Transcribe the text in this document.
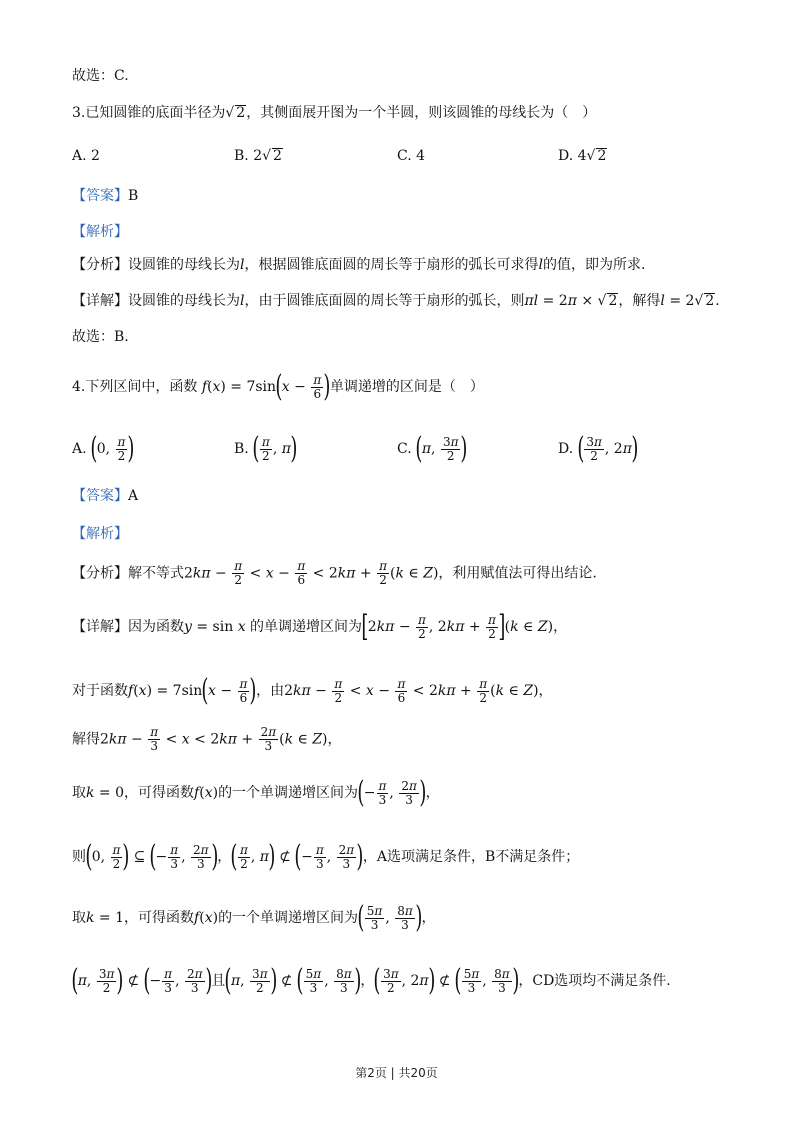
故选：C.
3.已知圆锥的底面半径为√ 2，其侧面展开图为一个半圆，则该圆锥的母线长为（　）
A. 2	B. 2√ 2	C. 4	D. 4√ 2
【答案】B
【解析】
【分析】设圆锥的母线长为l，根据圆锥底面圆的周长等于扇形的弧长可求得l的值，即为所求.
【详解】设圆锥的母线长为l，由于圆锥底面圆的周长等于扇形的弧长，则πl = 2π × √ 2，解得l = 2√ 2.
故选：B.
4.下列区间中，函数 $f(x) = 7\sin(x - \frac{\pi}{6}$ )单调递增的区间是（　）
A. (0, $\frac{\pi}{2}$ )	B. ( $\frac{\pi}{2}$ , π)	C. (π, $\frac{3\pi}{2}$ )	D. ( $\frac{3\pi}{2}$ , 2π)
【答案】A
【解析】
【分析】解不等式$2k\pi - \frac{\pi}{2} < x - \frac{\pi}{6} < 2k\pi + \frac{\pi}{2} (k$ ∈ Z)，利用赋值法可得出结论.
【详解】因为函数y = sin x 的单调递增区间为[$2k\pi - \frac{\pi}{2}$ , $2k\pi + \frac{\pi}{2} ](k$ ∈ Z)，
对于函数$f(x) = 7\sin(x - \frac{\pi}{6}$ )，由$2k\pi - \frac{\pi}{2} < x - \frac{\pi}{6} < 2k\pi + \frac{\pi}{2} (k$ ∈ Z)，
解得$2k\pi - \frac{\pi}{3} < x < 2k\pi + \frac{2\pi}{3} (k$ ∈ Z)，
取k = 0，可得函数f(x)的一个单调递增区间为(− $\frac{\pi}{3}$ , $\frac{2\pi}{3}$ )，
则(0, $\frac{\pi}{2}$ ) ⊆ (− $\frac{\pi}{3}$ , $\frac{2\pi}{3}$ )，( $\frac{\pi}{2}$ , π) ⊄ (− $\frac{\pi}{3}$ , $\frac{2\pi}{3}$ )，A选项满足条件，B不满足条件；
取k = 1，可得函数f(x)的一个单调递增区间为( $\frac{5\pi}{3}$ , $\frac{8\pi}{3}$ )，
(π, $\frac{3\pi}{2}$ ) ⊄ (− $\frac{\pi}{3}$ , $\frac{2\pi}{3}$ )且(π, $\frac{3\pi}{2}$ ) ⊄ ( $\frac{5\pi}{3}$ , $\frac{8\pi}{3}$ )，( $\frac{3\pi}{2}$ , 2π) ⊄ ( $\frac{5\pi}{3}$ , $\frac{8\pi}{3}$ )，CD选项均不满足条件.
第2页 | 共20页
